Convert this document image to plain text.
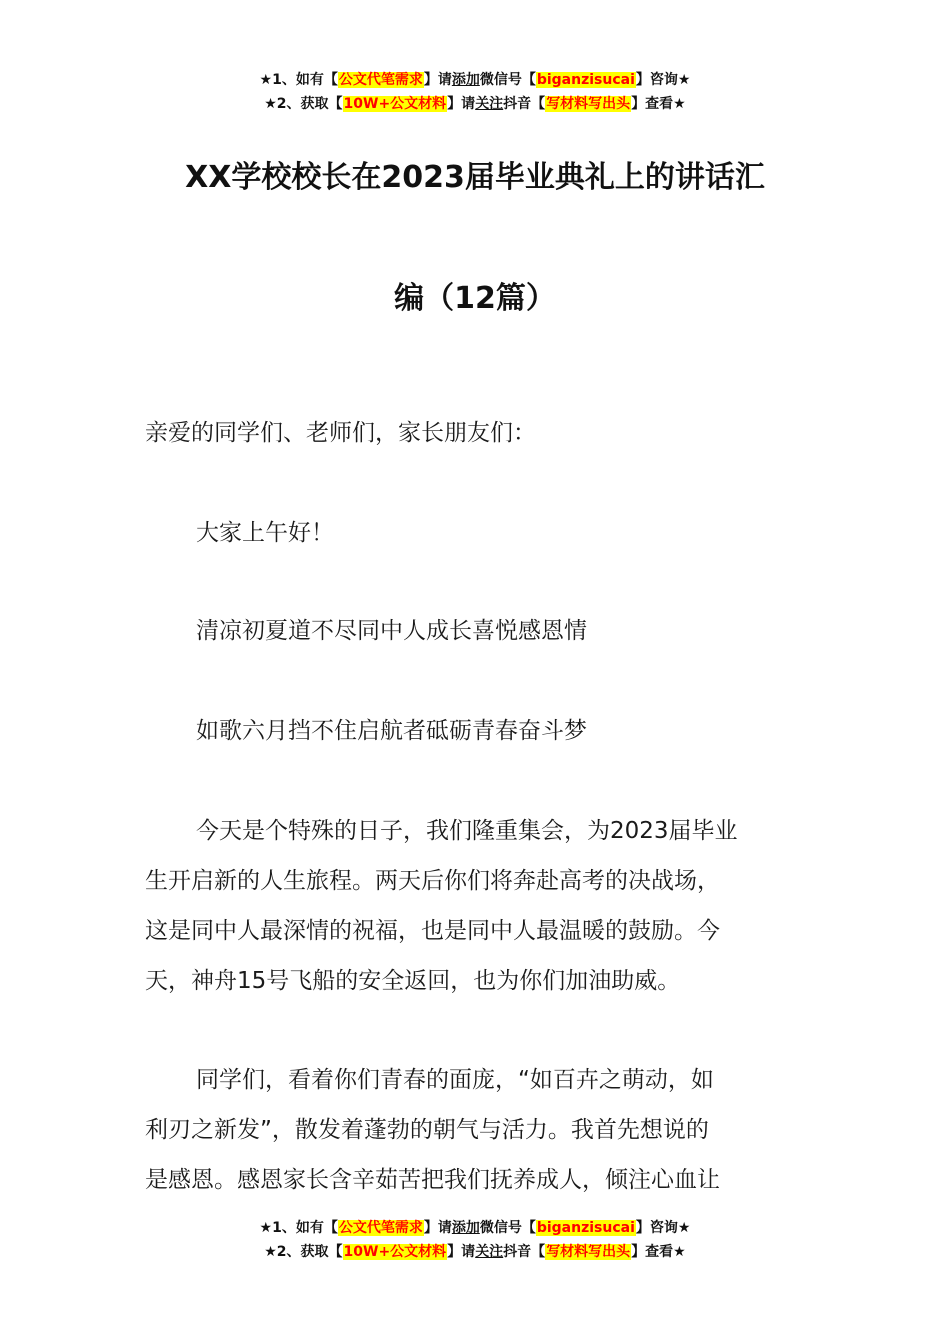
★1、如有【公文代笔需求】请添加微信号【biganzisucai】咨询★
★2、获取【10W+公文材料】请关注抖音【写材料写出头】查看★
XX学校校长在2023届毕业典礼上的讲话汇
编（12篇）

亲爱的同学们、老师们，家长朋友们：

大家上午好！

清凉初夏道不尽同中人成长喜悦感恩情

如歌六月挡不住启航者砥砺青春奋斗梦

今天是个特殊的日子，我们隆重集会，为2023届毕业
生开启新的人生旅程。两天后你们将奔赴高考的决战场，
这是同中人最深情的祝福，也是同中人最温暖的鼓励。今
天，神舟15号飞船的安全返回，也为你们加油助威。

同学们，看着你们青春的面庞，“如百卉之萌动，如
利刃之新发”，散发着蓬勃的朝气与活力。我首先想说的
是感恩。感恩家长含辛茹苦把我们抚养成人，倾注心血让

★1、如有【公文代笔需求】请添加微信号【biganzisucai】咨询★
★2、获取【10W+公文材料】请关注抖音【写材料写出头】查看★
